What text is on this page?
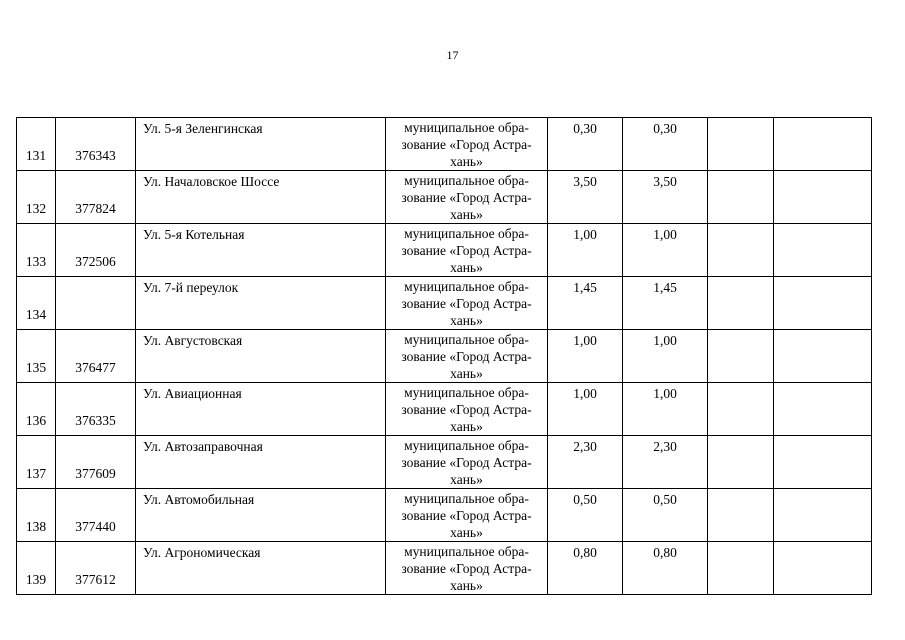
17
131	376343	Ул. 5-я Зеленгинская	муниципальное обра-
зование «Город Астра-
хань»	0,30	0,30		
132	377824	Ул. Началовское Шоссе	муниципальное обра-
зование «Город Астра-
хань»	3,50	3,50		
133	372506	Ул. 5-я Котельная	муниципальное обра-
зование «Город Астра-
хань»	1,00	1,00		
134		Ул. 7-й переулок	муниципальное обра-
зование «Город Астра-
хань»	1,45	1,45		
135	376477	Ул. Августовская	муниципальное обра-
зование «Город Астра-
хань»	1,00	1,00		
136	376335	Ул. Авиационная	муниципальное обра-
зование «Город Астра-
хань»	1,00	1,00		
137	377609	Ул. Автозаправочная	муниципальное обра-
зование «Город Астра-
хань»	2,30	2,30		
138	377440	Ул. Автомобильная	муниципальное обра-
зование «Город Астра-
хань»	0,50	0,50		
139	377612	Ул. Агрономическая	муниципальное обра-
зование «Город Астра-
хань»	0,80	0,80		
